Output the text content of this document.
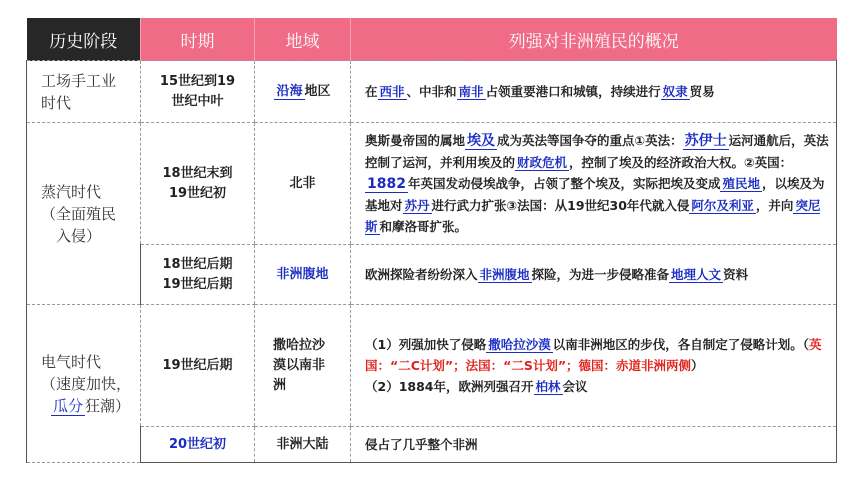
历史阶段	时期	地域	列强对非洲殖民的概况

工场手工业时代	15世纪到19世纪中叶	沿海 地区	在 西非 、中非和 南非 占领重要港口和城镇，持续进行 奴隶 贸易

蒸汽时代
（全面殖民
入侵）	18世纪末到19世纪初	北非	奥斯曼帝国的属地 埃及 成为英法等国争夺的重点①英法： 苏伊士 运河通航后，英法控制了运河，并利用埃及的 财政危机 ，控制了埃及的经济政治大权。②英国：1882 年英国发动侵埃战争，占领了整个埃及，实际把埃及变成 殖民地 ，以埃及为基地对 苏丹 进行武力扩张③法国：从19世纪30年代就入侵 阿尔及利亚 ，并向 突尼斯 和摩洛哥扩张。

	18世纪后期19世纪后期	非洲腹地	欧洲探险者纷纷深入 非洲腹地 探险，为进一步侵略准备 地理人文 资料

电气时代
（速度加快，
瓜分 狂潮）	19世纪后期	撒哈拉沙漠以南非洲	（1）列强加快了侵略 撒哈拉沙漠 以南非洲地区的步伐，各自制定了侵略计划。（英国：“二C计划”；法国：“二S计划”；德国：赤道非洲两侧）
（2）1884年，欧洲列强召开 柏林 会议

	20世纪初	非洲大陆	侵占了几乎整个非洲
